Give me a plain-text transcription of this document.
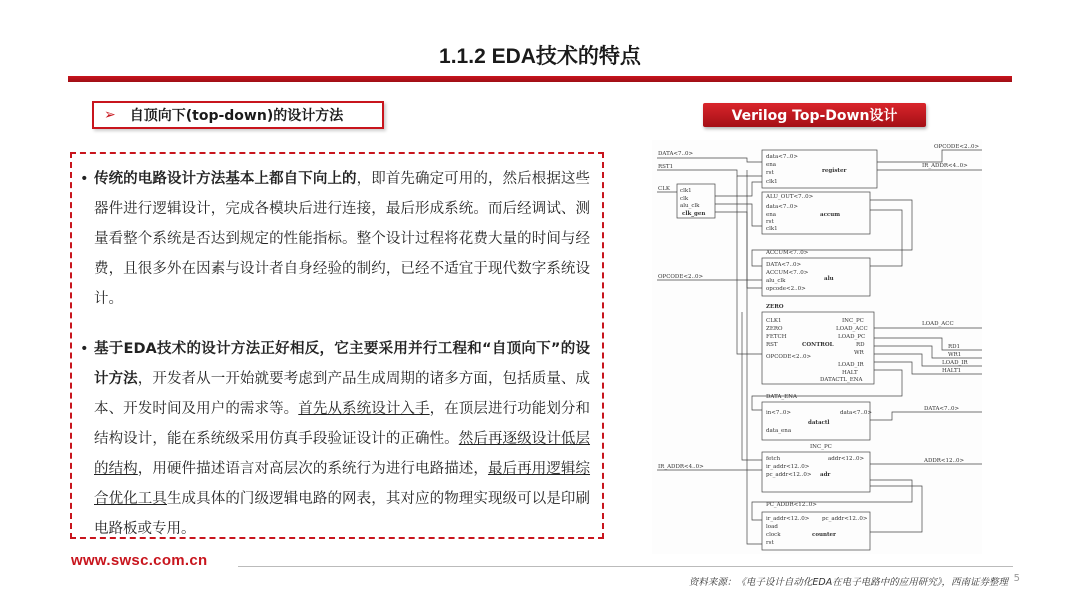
1.1.2 EDA技术的特点
➢ 自顶向下(top-down)的设计方法
• 传统的电路设计方法基本上都自下向上的，即首先确定可用的，然后根据这些器件进行逻辑设计，完成各模块后进行连接，最后形成系统。而后经调试、测量看整个系统是否达到规定的性能指标。整个设计过程将花费大量的时间与经费，且很多外在因素与设计者自身经验的制约，已经不适宜于现代数字系统设计。
• 基于EDA技术的设计方法正好相反，它主要采用并行工程和“自顶向下”的设计方法，开发者从一开始就要考虑到产品生成周期的诸多方面，包括质量、成本、开发时间及用户的需求等。首先从系统设计入手，在顶层进行功能划分和结构设计，能在系统级采用仿真手段验证设计的正确性。然后再逐级设计低层的结构，用硬件描述语言对高层次的系统行为进行电路描述，最后再用逻辑综合优化工具生成具体的门级逻辑电路的网表，其对应的物理实现级可以是印刷电路板或专用。
Verilog Top-Down设计
DATA<7..0>
RST1
CLK
OPCODE<2..0>
IR_ADDR<4..0>
OPCODE<2..0>
IR_ADDR<4..0>
LOAD_ACC
RD1
WR1
LOAD_IR
HALT1
DATA<7..0>
ADDR<12..0>
data<7..0>
ena
rst
clk1
register
clk1
clk
alu_clk
clk_gen
ALU_OUT<7..0>
data<7..0>
ena
rst
clk1
accum
ACCUM<7..0>
DATA<7..0>
ACCUM<7..0>
alu_clk
opcode<2..0>
alu
ZERO
CLK1
ZERO
FETCH
RST
OPCODE<2..0>
INC_PC
LOAD_ACC
LOAD_PC
RD
WR
LOAD_IR
HALT
DATACTL_ENA
CONTROL
DATA_ENA
in<7..0>
data_ena
data<7..0>
datactl
INC_PC
fetch
ir_addr<12..0>
pc_addr<12..0>
addr<12..0>
adr
PC_ADDR<12..0>
ir_addr<12..0>
load
clock
rst
pc_addr<12..0>
counter
www.swsc.com.cn
资料来源：《电子设计自动化EDA在电子电路中的应用研究》，西南证券整理 5
